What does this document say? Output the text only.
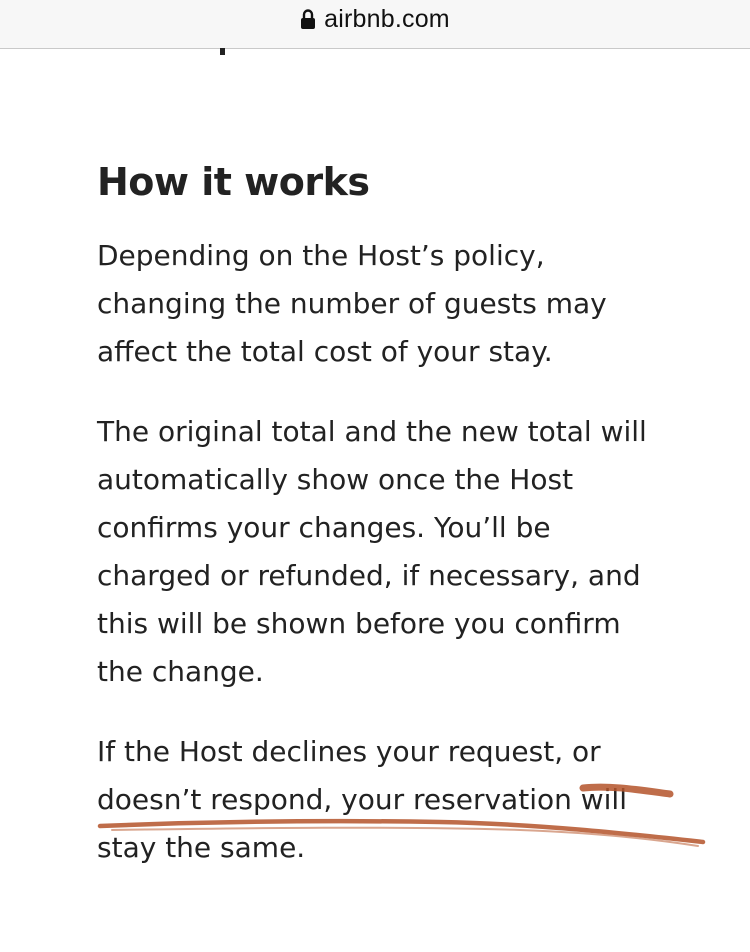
airbnb.com
How it works

Depending on the Host’s policy, changing the number of guests may affect the total cost of your stay.

The original total and the new total will automatically show once the Host confirms your changes. You’ll be charged or refunded, if necessary, and this will be shown before you confirm the change.

If the Host declines your request, or doesn’t respond, your reservation will stay the same.
